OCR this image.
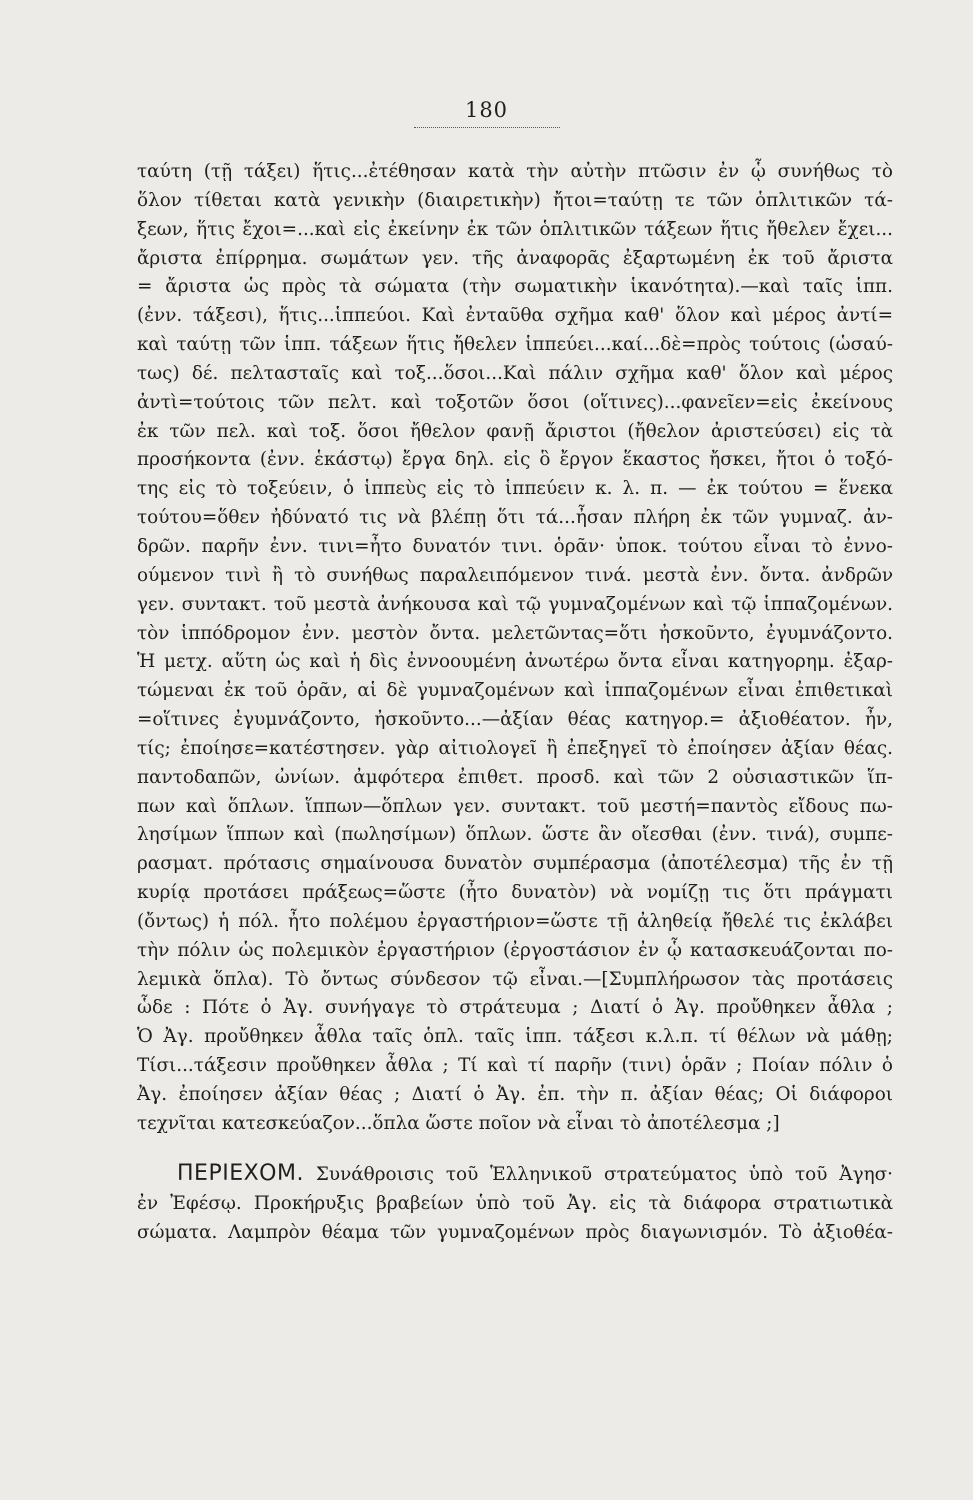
180
ταύτη (τῇ τάξει) ἥτις...ἐτέθησαν κατὰ τὴν αὐτὴν πτῶσιν ἐν ᾧ συνήθως τὸ
ὅλον τίθεται κατὰ γενικὴν (διαιρετικὴν) ἤτοι=ταύτῃ τε τῶν ὁπλιτικῶν τά-
ξεων, ἥτις ἔχοι=...καὶ εἰς ἐκείνην ἐκ τῶν ὁπλιτικῶν τάξεων ἥτις ἤθελεν ἔχει...
ἄριστα ἐπίρρημα. σωμάτων γεν. τῆς ἀναφορᾶς ἐξαρτωμένη ἐκ τοῦ ἄριστα
= ἄριστα ὡς πρὸς τὰ σώματα (τὴν σωματικὴν ἱκανότητα).—καὶ ταῖς ἱππ.
(ἐνν. τάξεσι), ἥτις...ἱππεύοι. Καὶ ἐνταῦθα σχῆμα καθ' ὅλον καὶ μέρος ἀντί=
καὶ ταύτῃ τῶν ἱππ. τάξεων ἥτις ἤθελεν ἱππεύει...καί...δὲ=πρὸς τούτοις (ὡσαύ-
τως) δέ. πελτασταῖς καὶ τοξ...ὅσοι...Καὶ πάλιν σχῆμα καθ' ὅλον καὶ μέρος
ἀντὶ=τούτοις τῶν πελτ. καὶ τοξοτῶν ὅσοι (οἵτινες)...φανεῖεν=εἰς ἐκείνους
ἐκ τῶν πελ. καὶ τοξ. ὅσοι ἤθελον φανῇ ἄριστοι (ἤθελον ἀριστεύσει) εἰς τὰ
προσήκοντα (ἐνν. ἑκάστῳ) ἔργα δηλ. εἰς ὃ ἔργον ἕκαστος ἤσκει, ἤτοι ὁ τοξό-
της εἰς τὸ τοξεύειν, ὁ ἱππεὺς εἰς τὸ ἱππεύειν κ. λ. π. — ἐκ τούτου = ἕνεκα
τούτου=ὅθεν ἠδύνατό τις νὰ βλέπῃ ὅτι τά...ἦσαν πλήρη ἐκ τῶν γυμναζ. ἀν-
δρῶν. παρῆν ἐνν. τινι=ἦτο δυνατόν τινι. ὁρᾶν· ὑποκ. τούτου εἶναι τὸ ἐννο-
ούμενον τινὶ ἢ τὸ συνήθως παραλειπόμενον τινά. μεστὰ ἐνν. ὄντα. ἀνδρῶν
γεν. συντακτ. τοῦ μεστὰ ἀνήκουσα καὶ τῷ γυμναζομένων καὶ τῷ ἱππαζομένων.
τὸν ἱππόδρομον ἐνν. μεστὸν ὄντα. μελετῶντας=ὅτι ἠσκοῦντο, ἐγυμνάζοντο.
Ἡ μετχ. αὕτη ὡς καὶ ἡ δὶς ἐννοουμένη ἀνωτέρω ὄντα εἶναι κατηγορημ. ἐξαρ-
τώμεναι ἐκ τοῦ ὁρᾶν, αἱ δὲ γυμναζομένων καὶ ἱππαζομένων εἶναι ἐπιθετικαὶ
=οἵτινες ἐγυμνάζοντο, ἠσκοῦντο...—ἀξίαν θέας κατηγορ.= ἀξιοθέατον. ἦν,
τίς; ἐποίησε=κατέστησεν. γὰρ αἰτιολογεῖ ἢ ἐπεξηγεῖ τὸ ἐποίησεν ἀξίαν θέας.
παντοδαπῶν, ὠνίων. ἀμφότερα ἐπιθετ. προσδ. καὶ τῶν 2 οὐσιαστικῶν ἵπ-
πων καὶ ὅπλων. ἵππων—ὅπλων γεν. συντακτ. τοῦ μεστή=παντὸς εἴδους πω-
λησίμων ἵππων καὶ (πωλησίμων) ὅπλων. ὥστε ἂν οἴεσθαι (ἐνν. τινά), συμπε-
ρασματ. πρότασις σημαίνουσα δυνατὸν συμπέρασμα (ἀποτέλεσμα) τῆς ἐν τῇ
κυρίᾳ προτάσει πράξεως=ὥστε (ἦτο δυνατὸν) νὰ νομίζῃ τις ὅτι πράγματι
(ὄντως) ἡ πόλ. ἦτο πολέμου ἐργαστήριον=ὥστε τῇ ἀληθείᾳ ἤθελέ τις ἐκλάβει
τὴν πόλιν ὡς πολεμικὸν ἐργαστήριον (ἐργοστάσιον ἐν ᾧ κατασκευάζονται πο-
λεμικὰ ὅπλα). Τὸ ὄντως σύνδεσον τῷ εἶναι.—[Συμπλήρωσον τὰς προτάσεις
ὧδε : Πότε ὁ Ἀγ. συνήγαγε τὸ στράτευμα ; Διατί ὁ Ἀγ. προὔθηκεν ἆθλα ;
Ὁ Ἀγ. προὔθηκεν ἆθλα ταῖς ὁπλ. ταῖς ἱππ. τάξεσι κ.λ.π. τί θέλων νὰ μάθῃ;
Τίσι...τάξεσιν προὔθηκεν ἆθλα ; Τί καὶ τί παρῆν (τινι) ὁρᾶν ; Ποίαν πόλιν ὁ
Ἀγ. ἐποίησεν ἀξίαν θέας ; Διατί ὁ Ἀγ. ἐπ. τὴν π. ἀξίαν θέας; Οἱ διάφοροι
τεχνῖται κατεσκεύαζον...ὅπλα ὥστε ποῖον νὰ εἶναι τὸ ἀποτέλεσμα ;]
ΠΕΡΙΕΧΟΜ. Συνάθροισις τοῦ Ἑλληνικοῦ στρατεύματος ὑπὸ τοῦ Ἀγησ·
ἐν Ἐφέσῳ. Προκήρυξις βραβείων ὑπὸ τοῦ Ἀγ. εἰς τὰ διάφορα στρατιωτικὰ
σώματα. Λαμπρὸν θέαμα τῶν γυμναζομένων πρὸς διαγωνισμόν. Τὸ ἀξιοθέα-
